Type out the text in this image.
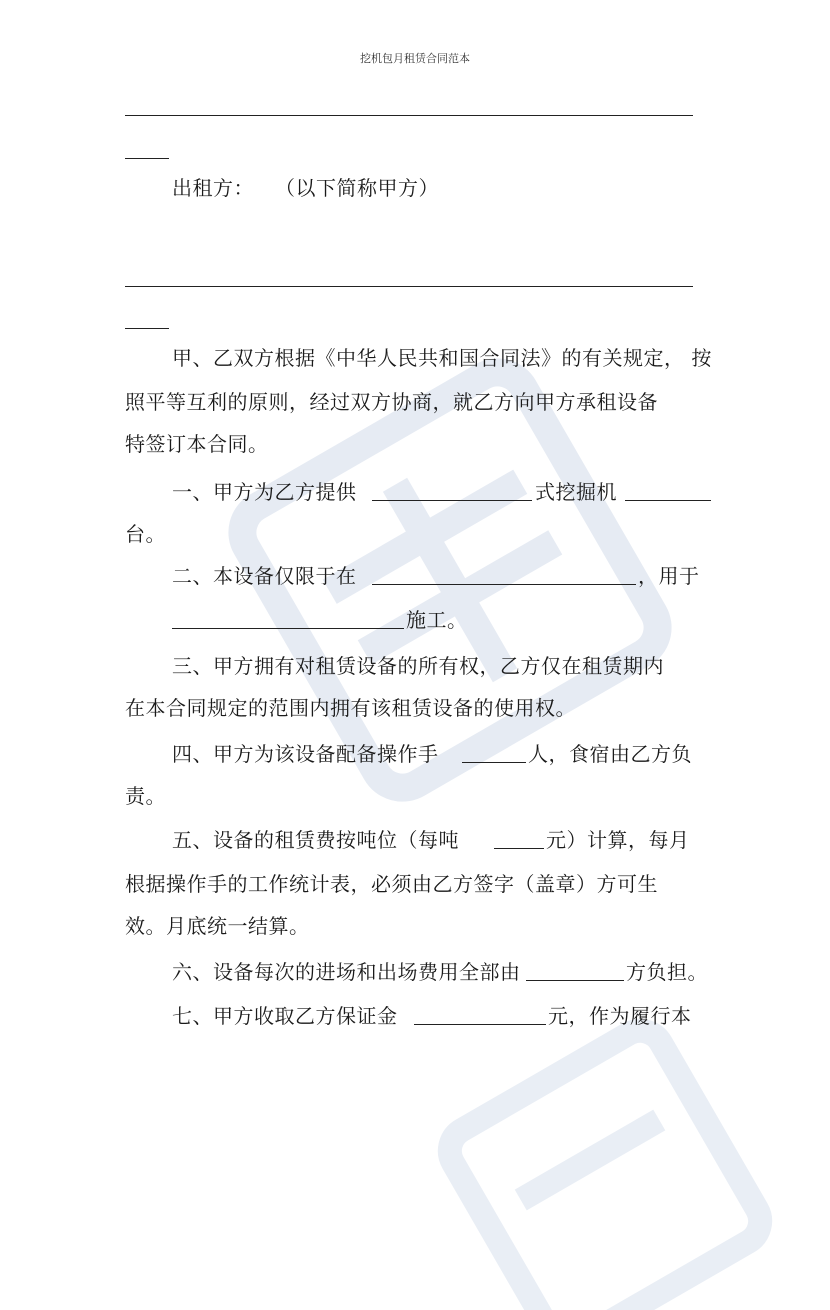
挖机包月租赁合同范本
出租方： （以下简称甲方）
甲、乙双方根据《中华人民共和国合同法》的有关规定， 按
照平等互利的原则，经过双方协商，就乙方向甲方承租设备
特签订本合同。
一、甲方为乙方提供	式挖掘机
台。
二、本设备仅限于在	，用于
施工。
三、甲方拥有对租赁设备的所有权，乙方仅在租赁期内
在本合同规定的范围内拥有该租赁设备的使用权。
四、甲方为该设备配备操作手	人，食宿由乙方负
责。
五、设备的租赁费按吨位（每吨	元）计算，每月
根据操作手的工作统计表，必须由乙方签字（盖章）方可生
效。月底统一结算。
六、设备每次的进场和出场费用全部由	方负担。
七、甲方收取乙方保证金	元，作为履行本
